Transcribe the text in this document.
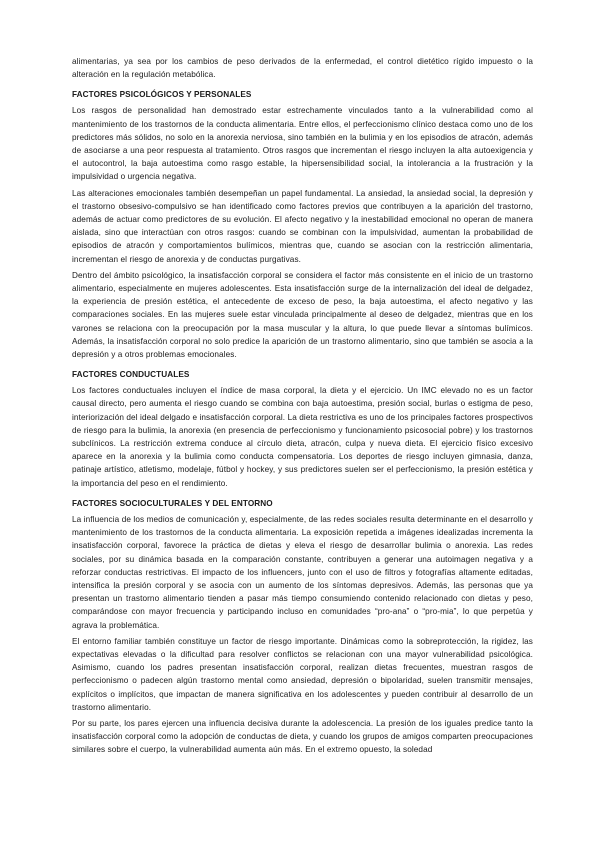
alimentarias, ya sea por los cambios de peso derivados de la enfermedad, el control dietético rígido impuesto o la alteración en la regulación metabólica.

FACTORES PSICOLÓGICOS Y PERSONALES

Los rasgos de personalidad han demostrado estar estrechamente vinculados tanto a la vulnerabilidad como al mantenimiento de los trastornos de la conducta alimentaria. Entre ellos, el perfeccionismo clínico destaca como uno de los predictores más sólidos, no solo en la anorexia nerviosa, sino también en la bulimia y en los episodios de atracón, además de asociarse a una peor respuesta al tratamiento. Otros rasgos que incrementan el riesgo incluyen la alta autoexigencia y el autocontrol, la baja autoestima como rasgo estable, la hipersensibilidad social, la intolerancia a la frustración y la impulsividad o urgencia negativa.

Las alteraciones emocionales también desempeñan un papel fundamental. La ansiedad, la ansiedad social, la depresión y el trastorno obsesivo-compulsivo se han identificado como factores previos que contribuyen a la aparición del trastorno, además de actuar como predictores de su evolución. El afecto negativo y la inestabilidad emocional no operan de manera aislada, sino que interactúan con otros rasgos: cuando se combinan con la impulsividad, aumentan la probabilidad de episodios de atracón y comportamientos bulímicos, mientras que, cuando se asocian con la restricción alimentaria, incrementan el riesgo de anorexia y de conductas purgativas.

Dentro del ámbito psicológico, la insatisfacción corporal se considera el factor más consistente en el inicio de un trastorno alimentario, especialmente en mujeres adolescentes. Esta insatisfacción surge de la internalización del ideal de delgadez, la experiencia de presión estética, el antecedente de exceso de peso, la baja autoestima, el afecto negativo y las comparaciones sociales. En las mujeres suele estar vinculada principalmente al deseo de delgadez, mientras que en los varones se relaciona con la preocupación por la masa muscular y la altura, lo que puede llevar a síntomas bulímicos. Además, la insatisfacción corporal no solo predice la aparición de un trastorno alimentario, sino que también se asocia a la depresión y a otros problemas emocionales.

FACTORES CONDUCTUALES

Los factores conductuales incluyen el índice de masa corporal, la dieta y el ejercicio. Un IMC elevado no es un factor causal directo, pero aumenta el riesgo cuando se combina con baja autoestima, presión social, burlas o estigma de peso, interiorización del ideal delgado e insatisfacción corporal. La dieta restrictiva es uno de los principales factores prospectivos de riesgo para la bulimia, la anorexia (en presencia de perfeccionismo y funcionamiento psicosocial pobre) y los trastornos subclínicos. La restricción extrema conduce al círculo dieta, atracón, culpa y nueva dieta. El ejercicio físico excesivo aparece en la anorexia y la bulimia como conducta compensatoria. Los deportes de riesgo incluyen gimnasia, danza, patinaje artístico, atletismo, modelaje, fútbol y hockey, y sus predictores suelen ser el perfeccionismo, la presión estética y la importancia del peso en el rendimiento.

FACTORES SOCIOCULTURALES Y DEL ENTORNO

La influencia de los medios de comunicación y, especialmente, de las redes sociales resulta determinante en el desarrollo y mantenimiento de los trastornos de la conducta alimentaria. La exposición repetida a imágenes idealizadas incrementa la insatisfacción corporal, favorece la práctica de dietas y eleva el riesgo de desarrollar bulimia o anorexia. Las redes sociales, por su dinámica basada en la comparación constante, contribuyen a generar una autoimagen negativa y a reforzar conductas restrictivas. El impacto de los influencers, junto con el uso de filtros y fotografías altamente editadas, intensifica la presión corporal y se asocia con un aumento de los síntomas depresivos. Además, las personas que ya presentan un trastorno alimentario tienden a pasar más tiempo consumiendo contenido relacionado con dietas y peso, comparándose con mayor frecuencia y participando incluso en comunidades “pro-ana” o “pro-mia”, lo que perpetúa y agrava la problemática.

El entorno familiar también constituye un factor de riesgo importante. Dinámicas como la sobreprotección, la rigidez, las expectativas elevadas o la dificultad para resolver conflictos se relacionan con una mayor vulnerabilidad psicológica. Asimismo, cuando los padres presentan insatisfacción corporal, realizan dietas frecuentes, muestran rasgos de perfeccionismo o padecen algún trastorno mental como ansiedad, depresión o bipolaridad, suelen transmitir mensajes, explícitos o implícitos, que impactan de manera significativa en los adolescentes y pueden contribuir al desarrollo de un trastorno alimentario.

Por su parte, los pares ejercen una influencia decisiva durante la adolescencia. La presión de los iguales predice tanto la insatisfacción corporal como la adopción de conductas de dieta, y cuando los grupos de amigos comparten preocupaciones similares sobre el cuerpo, la vulnerabilidad aumenta aún más. En el extremo opuesto, la soledad
